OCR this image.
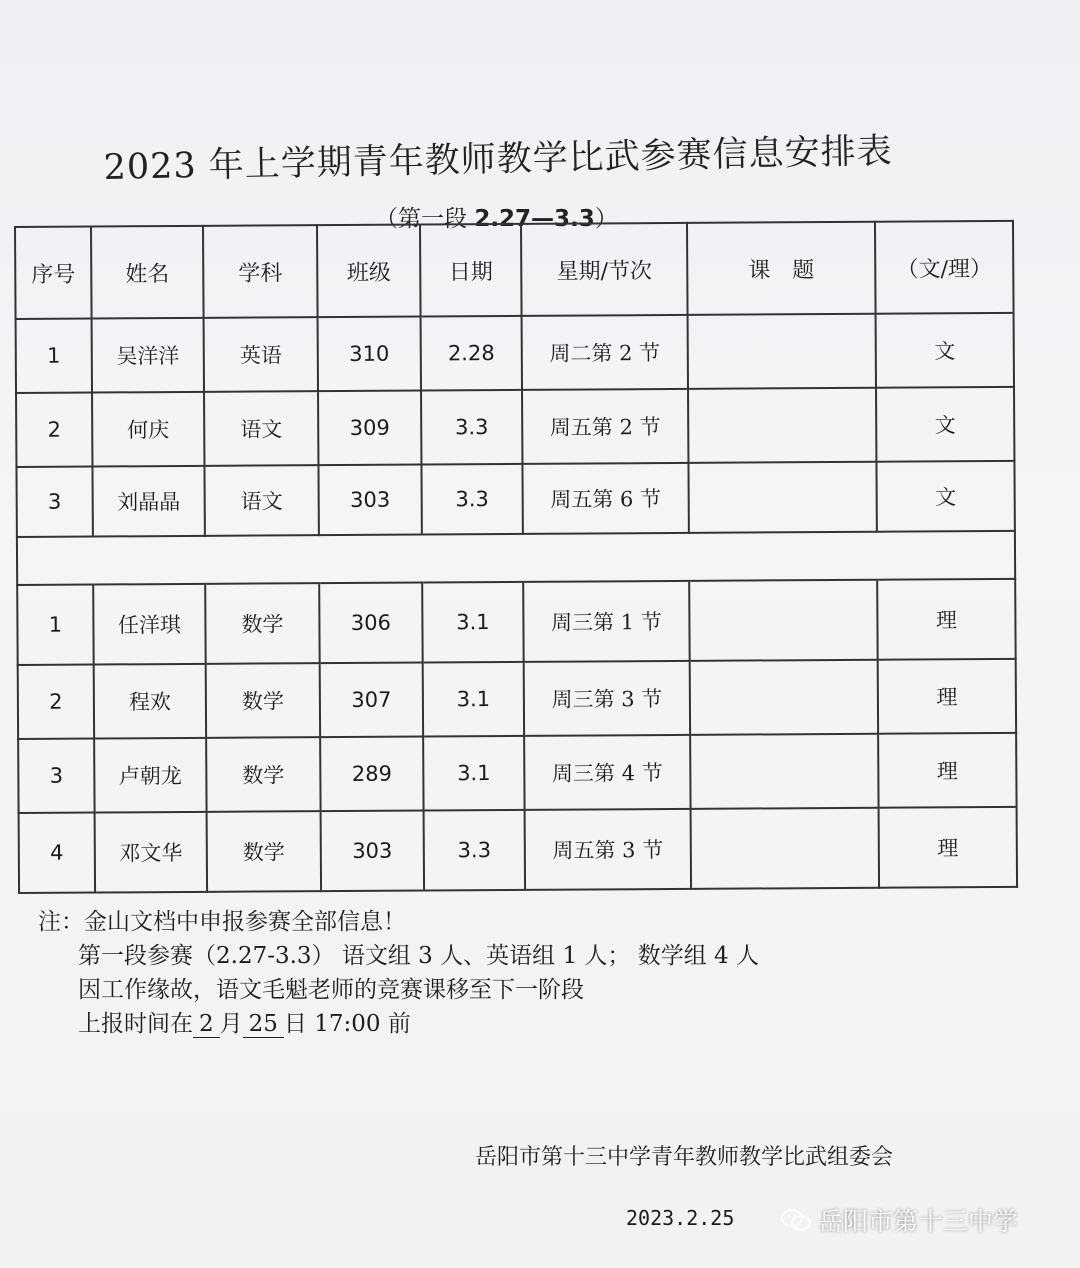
2023 年上学期青年教师教学比武参赛信息安排表
（第一段 2.27—3.3）
序号	姓名	学科	班级	日期	星期/节次	课　题	（文/理）
1	吴洋洋	英语	310	2.28	周二第 2 节		文
2	何庆	语文	309	3.3	周五第 2 节		文
3	刘晶晶	语文	303	3.3	周五第 6 节		文

1	任洋琪	数学	306	3.1	周三第 1 节		理
2	程欢	数学	307	3.1	周三第 3 节		理
3	卢朝龙	数学	289	3.1	周三第 4 节		理
4	邓文华	数学	303	3.3	周五第 3 节		理
注：金山文档中申报参赛全部信息！
第一段参赛（2.27-3.3） 语文组 3 人、英语组 1 人； 数学组 4 人
因工作缘故，语文毛魁老师的竞赛课移至下一阶段
上报时间在 2 月 25 日 17:00 前
岳阳市第十三中学青年教师教学比武组委会
2023.2.25	岳阳市第十三中学
